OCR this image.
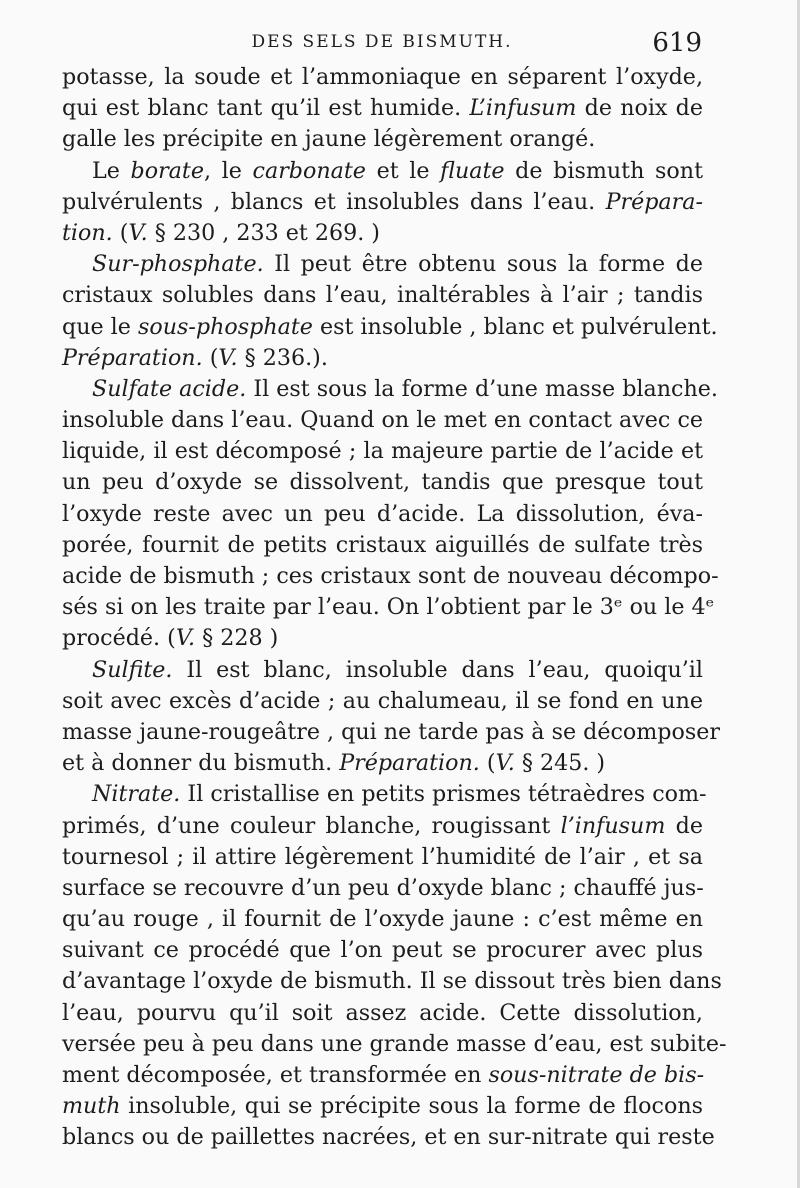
DES SELS DE BISMUTH.	619
potasse, la soude et l’ammoniaque en séparent l’oxyde,
qui est blanc tant qu’il est humide. L’infusum de noix de
galle les précipite en jaune légèrement orangé.
Le borate, le carbonate et le fluate de bismuth sont
pulvérulents , blancs et insolubles dans l’eau. Prépara-
tion. (V. § 230 , 233 et 269. )
Sur-phosphate. Il peut être obtenu sous la forme de
cristaux solubles dans l’eau, inaltérables à l’air ; tandis
que le sous-phosphate est insoluble , blanc et pulvérulent.
Préparation. (V. § 236.).
Sulfate acide. Il est sous la forme d’une masse blanche.
insoluble dans l’eau. Quand on le met en contact avec ce
liquide, il est décomposé ; la majeure partie de l’acide et
un peu d’oxyde se dissolvent, tandis que presque tout
l’oxyde reste avec un peu d’acide. La dissolution, éva-
porée, fournit de petits cristaux aiguillés de sulfate très
acide de bismuth ; ces cristaux sont de nouveau décompo-
sés si on les traite par l’eau. On l’obtient par le 3ᵉ ou le 4ᵉ
procédé. (V. § 228 )
Sulfite. Il est blanc, insoluble dans l’eau, quoiqu’il
soit avec excès d’acide ; au chalumeau, il se fond en une
masse jaune-rougeâtre , qui ne tarde pas à se décomposer
et à donner du bismuth. Préparation. (V. § 245. )
Nitrate. Il cristallise en petits prismes tétraèdres com-
primés, d’une couleur blanche, rougissant l’infusum de
tournesol ; il attire légèrement l’humidité de l’air , et sa
surface se recouvre d’un peu d’oxyde blanc ; chauffé jus-
qu’au rouge , il fournit de l’oxyde jaune : c’est même en
suivant ce procédé que l’on peut se procurer avec plus
d’avantage l’oxyde de bismuth. Il se dissout très bien dans
l’eau, pourvu qu’il soit assez acide. Cette dissolution,
versée peu à peu dans une grande masse d’eau, est subite-
ment décomposée, et transformée en sous-nitrate de bis-
muth insoluble, qui se précipite sous la forme de flocons
blancs ou de paillettes nacrées, et en sur-nitrate qui reste
